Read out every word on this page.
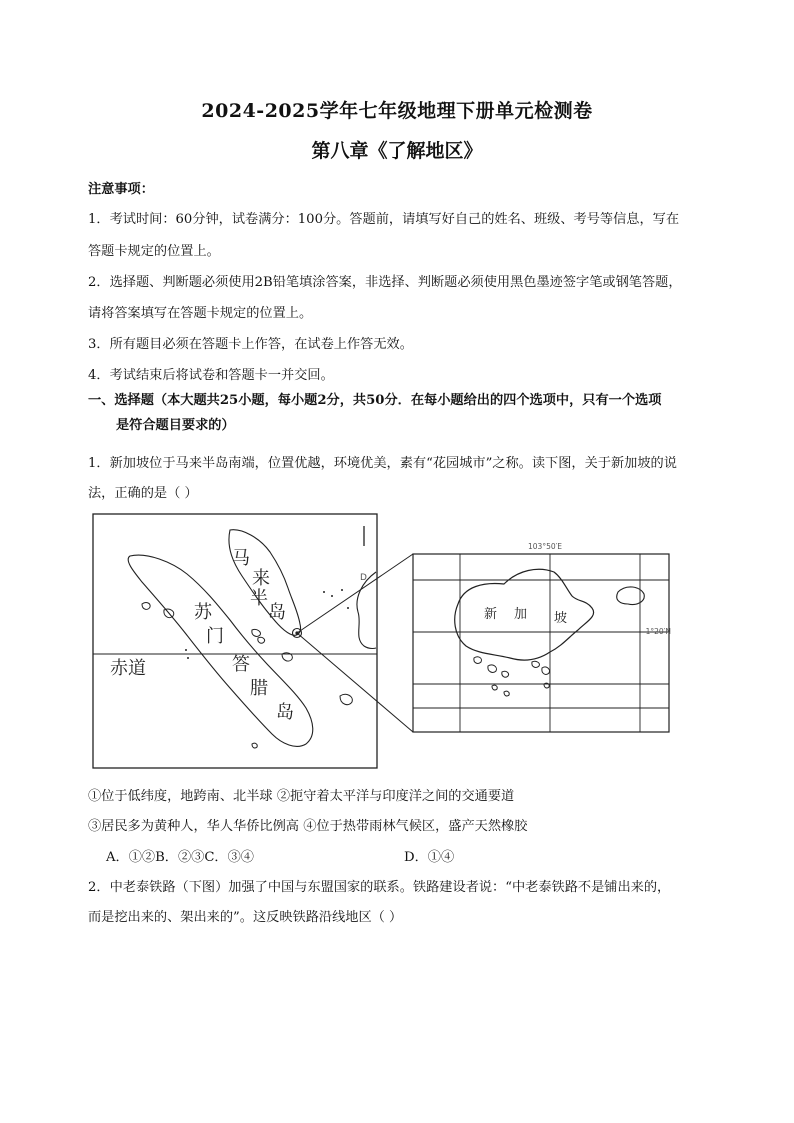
2024-2025学年七年级地理下册单元检测卷
第八章《了解地区》
注意事项：
1．考试时间：60分钟，试卷满分：100分。答题前，请填写好自己的姓名、班级、考号等信息，写在
答题卡规定的位置上。
2．选择题、判断题必须使用2B铅笔填涂答案，非选择、判断题必须使用黑色墨迹签字笔或钢笔答题，
请将答案填写在答题卡规定的位置上。
3．所有题目必须在答题卡上作答，在试卷上作答无效。
4．考试结束后将试卷和答题卡一并交回。
一、选择题（本大题共25小题，每小题2分，共50分．在每小题给出的四个选项中，只有一个选项
是符合题目要求的）
1．新加坡位于马来半岛南端，位置优越，环境优美，素有“花园城市”之称。读下图，关于新加坡的说
法，正确的是（ ）
马
来
半
岛
苏
门
答
腊
岛
赤道
D
新 加 坡
103°50′E
1°20′N
①位于低纬度，地跨南、北半球 ②扼守着太平洋与印度洋之间的交通要道
③居民多为黄种人，华人华侨比例高 ④位于热带雨林气候区，盛产天然橡胶
A．①②B．②③C．③④	D．①④
2．中老泰铁路（下图）加强了中国与东盟国家的联系。铁路建设者说：“中老泰铁路不是铺出来的，
而是挖出来的、架出来的”。这反映铁路沿线地区（ ）
